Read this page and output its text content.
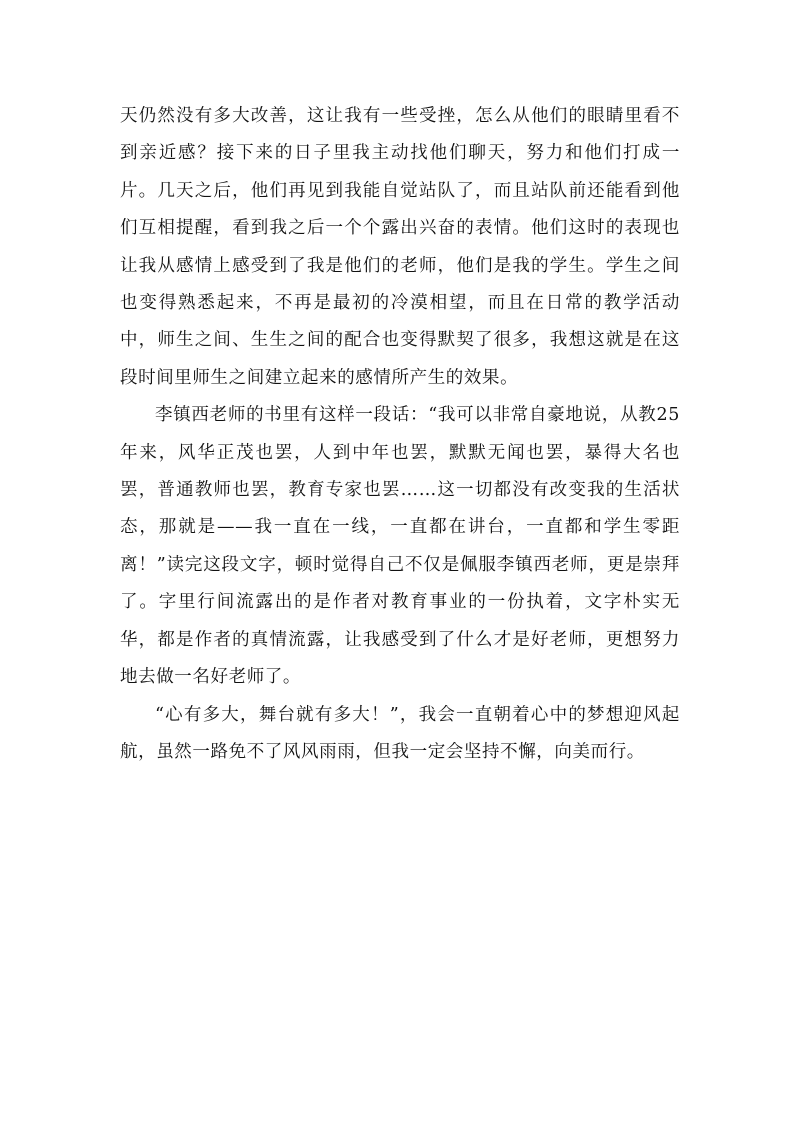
天仍然没有多大改善，这让我有一些受挫，怎么从他们的眼睛里看不到亲近感？接下来的日子里我主动找他们聊天，努力和他们打成一片。几天之后，他们再见到我能自觉站队了，而且站队前还能看到他们互相提醒，看到我之后一个个露出兴奋的表情。他们这时的表现也让我从感情上感受到了我是他们的老师，他们是我的学生。学生之间也变得熟悉起来，不再是最初的冷漠相望，而且在日常的教学活动中，师生之间、生生之间的配合也变得默契了很多，我想这就是在这段时间里师生之间建立起来的感情所产生的效果。

李镇西老师的书里有这样一段话：“我可以非常自豪地说，从教25年来，风华正茂也罢，人到中年也罢，默默无闻也罢，暴得大名也罢，普通教师也罢，教育专家也罢……这一切都没有改变我的生活状态，那就是——我一直在一线，一直都在讲台，一直都和学生零距离！”读完这段文字，顿时觉得自己不仅是佩服李镇西老师，更是崇拜了。字里行间流露出的是作者对教育事业的一份执着，文字朴实无华，都是作者的真情流露，让我感受到了什么才是好老师，更想努力地去做一名好老师了。

“心有多大，舞台就有多大！”，我会一直朝着心中的梦想迎风起航，虽然一路免不了风风雨雨，但我一定会坚持不懈，向美而行。
